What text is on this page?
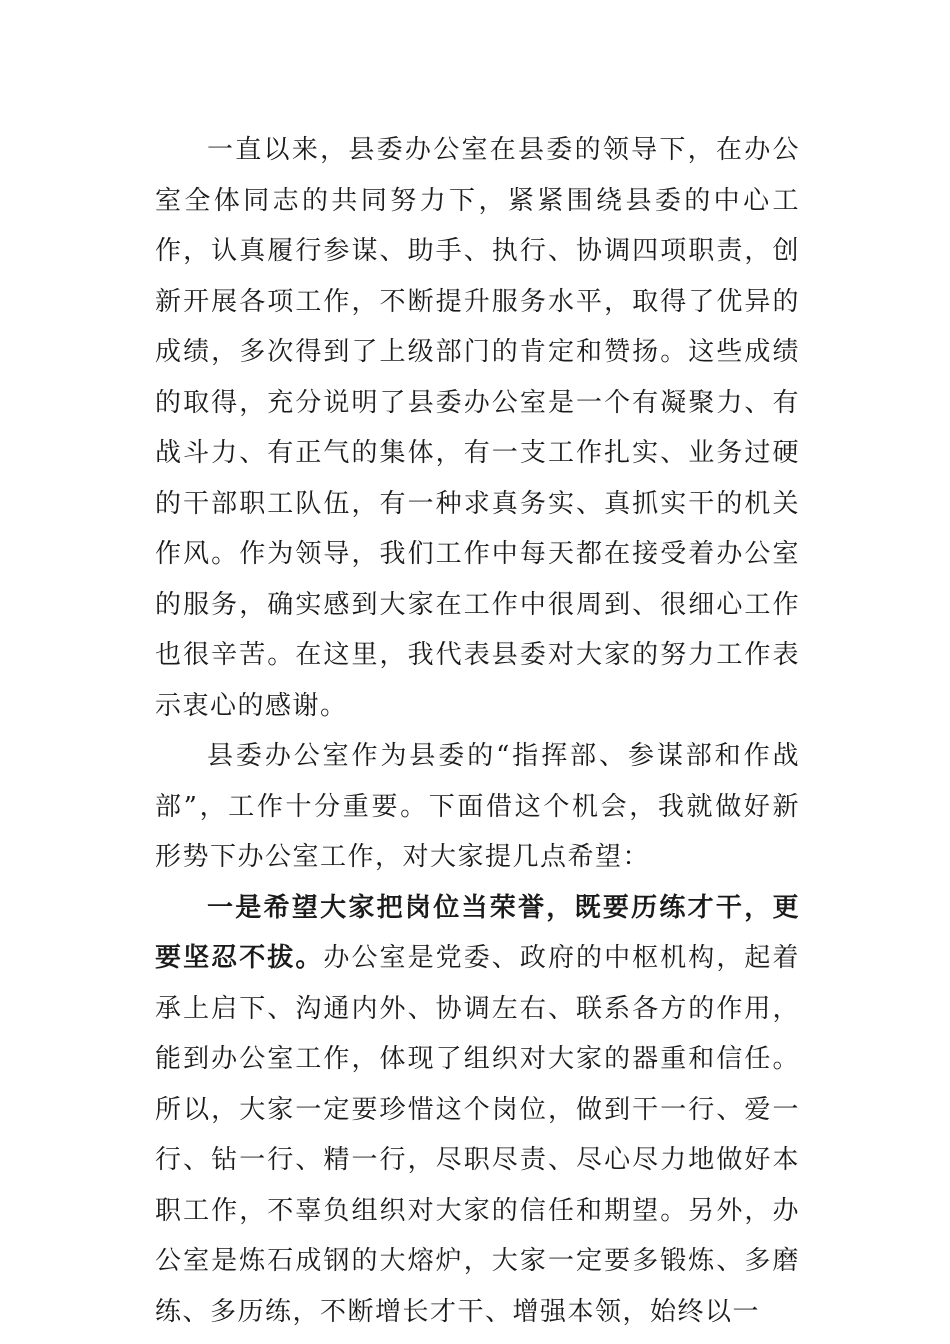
一直以来，县委办公室在县委的领导下，在办公室全体同志的共同努力下，紧紧围绕县委的中心工作，认真履行参谋、助手、执行、协调四项职责，创新开展各项工作，不断提升服务水平，取得了优异的成绩，多次得到了上级部门的肯定和赞扬。这些成绩的取得，充分说明了县委办公室是一个有凝聚力、有战斗力、有正气的集体，有一支工作扎实、业务过硬的干部职工队伍，有一种求真务实、真抓实干的机关作风。作为领导，我们工作中每天都在接受着办公室的服务，确实感到大家在工作中很周到、很细心工作也很辛苦。在这里，我代表县委对大家的努力工作表示衷心的感谢。

县委办公室作为县委的“指挥部、参谋部和作战部”，工作十分重要。下面借这个机会，我就做好新形势下办公室工作，对大家提几点希望：

一是希望大家把岗位当荣誉，既要历练才干，更要坚忍不拔。办公室是党委、政府的中枢机构，起着承上启下、沟通内外、协调左右、联系各方的作用，能到办公室工作，体现了组织对大家的器重和信任。所以，大家一定要珍惜这个岗位，做到干一行、爱一行、钻一行、精一行，尽职尽责、尽心尽力地做好本职工作，不辜负组织对大家的信任和期望。另外，办公室是炼石成钢的大熔炉，大家一定要多锻炼、多磨练、多历练，不断增长才干、增强本领，始终以一
